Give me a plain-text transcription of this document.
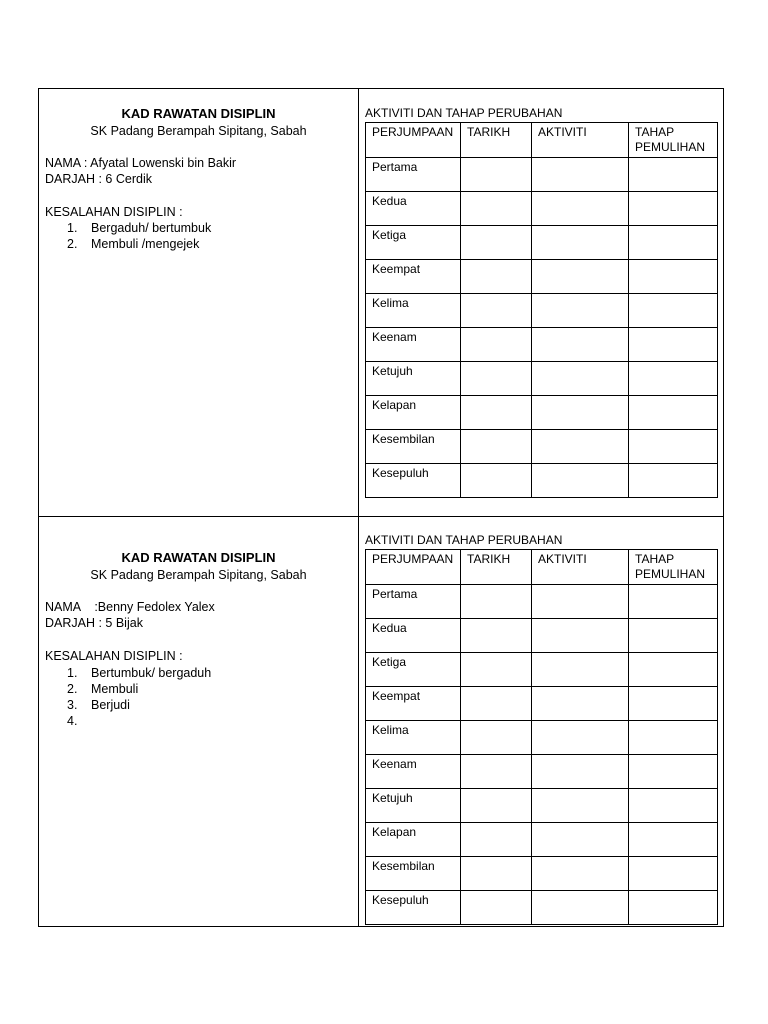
KAD RAWATAN DISIPLIN
SK Padang Berampah Sipitang, Sabah
NAMA : Afyatal Lowenski bin Bakir
DARJAH : 6 Cerdik
KESALAHAN DISIPLIN :
1. Bergaduh/ bertumbuk
2. Membuli /mengejek
AKTIVITI DAN TAHAP PERUBAHAN
PERJUMPAAN	TARIKH	AKTIVITI	TAHAP PEMULIHAN
Pertama			
Kedua			
Ketiga			
Keempat			
Kelima			
Keenam			
Ketujuh			
Kelapan			
Kesembilan			
Kesepuluh			
KAD RAWATAN DISIPLIN
SK Padang Berampah Sipitang, Sabah
NAMA    :Benny Fedolex Yalex
DARJAH : 5 Bijak
KESALAHAN DISIPLIN :
1. Bertumbuk/ bergaduh
2. Membuli
3. Berjudi
4.
AKTIVITI DAN TAHAP PERUBAHAN
PERJUMPAAN	TARIKH	AKTIVITI	TAHAP PEMULIHAN
Pertama			
Kedua			
Ketiga			
Keempat			
Kelima			
Keenam			
Ketujuh			
Kelapan			
Kesembilan			
Kesepuluh			
